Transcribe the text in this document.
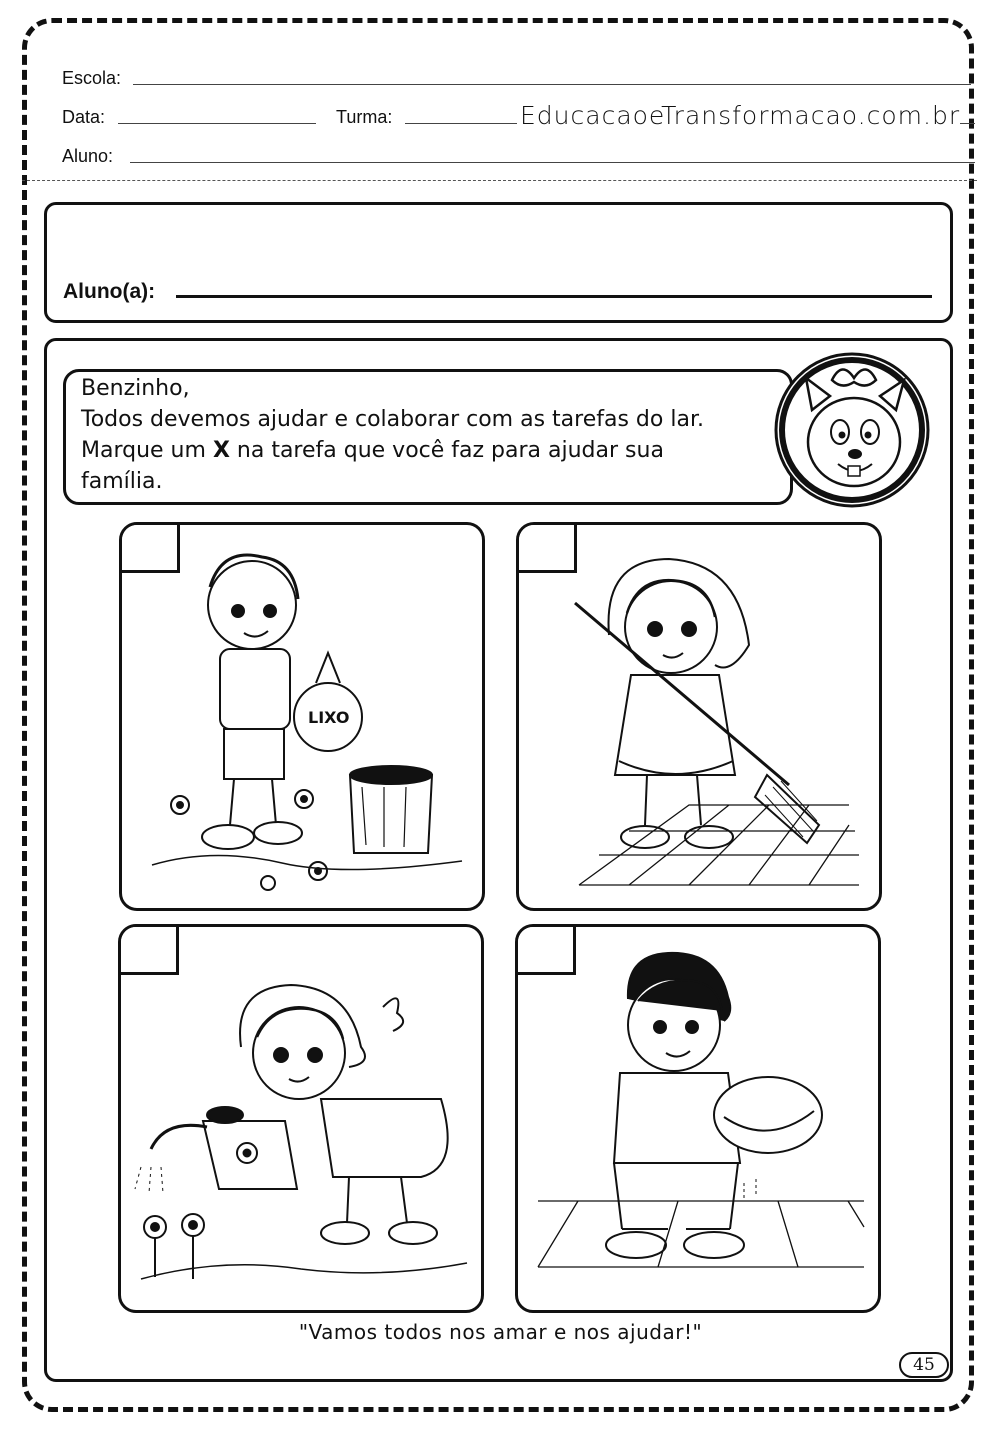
Escola:
Data:	Turma:	EducacaoeTransformacao.com.br
Aluno:
Aluno(a):
Benzinho,
Todos devemos ajudar e colaborar com as tarefas do lar.
Marque um X na tarefa que você faz para ajudar sua
família.
LIXO
"Vamos todos nos amar e nos ajudar!"
45
